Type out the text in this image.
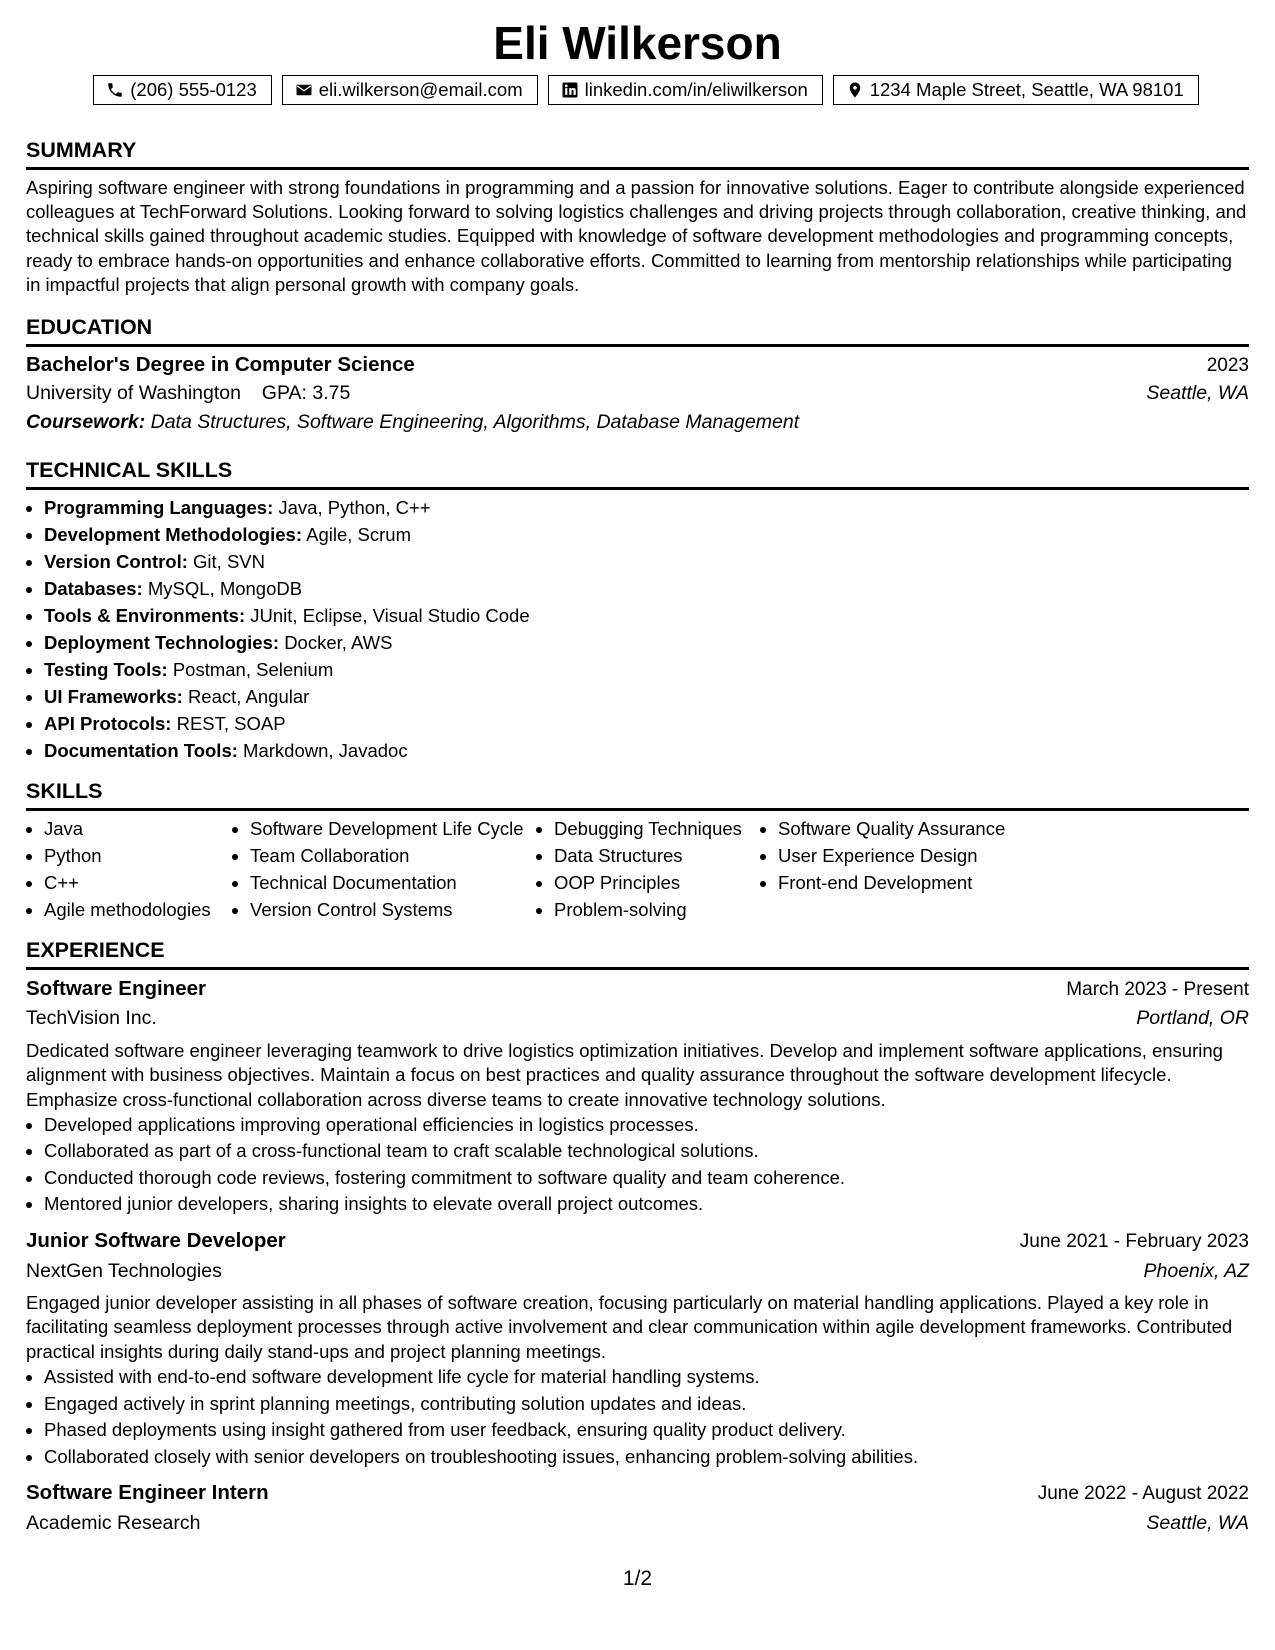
Eli Wilkerson
(206) 555-0123	eli.wilkerson@email.com	linkedin.com/in/eliwilkerson	1234 Maple Street, Seattle, WA 98101
SUMMARY
Aspiring software engineer with strong foundations in programming and a passion for innovative solutions. Eager to contribute alongside experienced colleagues at TechForward Solutions. Looking forward to solving logistics challenges and driving projects through collaboration, creative thinking, and technical skills gained throughout academic studies. Equipped with knowledge of software development methodologies and programming concepts, ready to embrace hands-on opportunities and enhance collaborative efforts. Committed to learning from mentorship relationships while participating in impactful projects that align personal growth with company goals.
EDUCATION
Bachelor's Degree in Computer Science	2023
University of Washington GPA: 3.75	Seattle, WA
Coursework: Data Structures, Software Engineering, Algorithms, Database Management
TECHNICAL SKILLS
• Programming Languages: Java, Python, C++
• Development Methodologies: Agile, Scrum
• Version Control: Git, SVN
• Databases: MySQL, MongoDB
• Tools & Environments: JUnit, Eclipse, Visual Studio Code
• Deployment Technologies: Docker, AWS
• Testing Tools: Postman, Selenium
• UI Frameworks: React, Angular
• API Protocols: REST, SOAP
• Documentation Tools: Markdown, Javadoc
SKILLS
• Java
• Python
• C++
• Agile methodologies
• Software Development Life Cycle
• Team Collaboration
• Technical Documentation
• Version Control Systems
• Debugging Techniques
• Data Structures
• OOP Principles
• Problem-solving
• Software Quality Assurance
• User Experience Design
• Front-end Development
EXPERIENCE
Software Engineer	March 2023 - Present
TechVision Inc.	Portland, OR
Dedicated software engineer leveraging teamwork to drive logistics optimization initiatives. Develop and implement software applications, ensuring alignment with business objectives. Maintain a focus on best practices and quality assurance throughout the software development lifecycle. Emphasize cross-functional collaboration across diverse teams to create innovative technology solutions.
• Developed applications improving operational efficiencies in logistics processes.
• Collaborated as part of a cross-functional team to craft scalable technological solutions.
• Conducted thorough code reviews, fostering commitment to software quality and team coherence.
• Mentored junior developers, sharing insights to elevate overall project outcomes.
Junior Software Developer	June 2021 - February 2023
NextGen Technologies	Phoenix, AZ
Engaged junior developer assisting in all phases of software creation, focusing particularly on material handling applications. Played a key role in facilitating seamless deployment processes through active involvement and clear communication within agile development frameworks. Contributed practical insights during daily stand-ups and project planning meetings.
• Assisted with end-to-end software development life cycle for material handling systems.
• Engaged actively in sprint planning meetings, contributing solution updates and ideas.
• Phased deployments using insight gathered from user feedback, ensuring quality product delivery.
• Collaborated closely with senior developers on troubleshooting issues, enhancing problem-solving abilities.
Software Engineer Intern	June 2022 - August 2022
Academic Research	Seattle, WA
1/2
